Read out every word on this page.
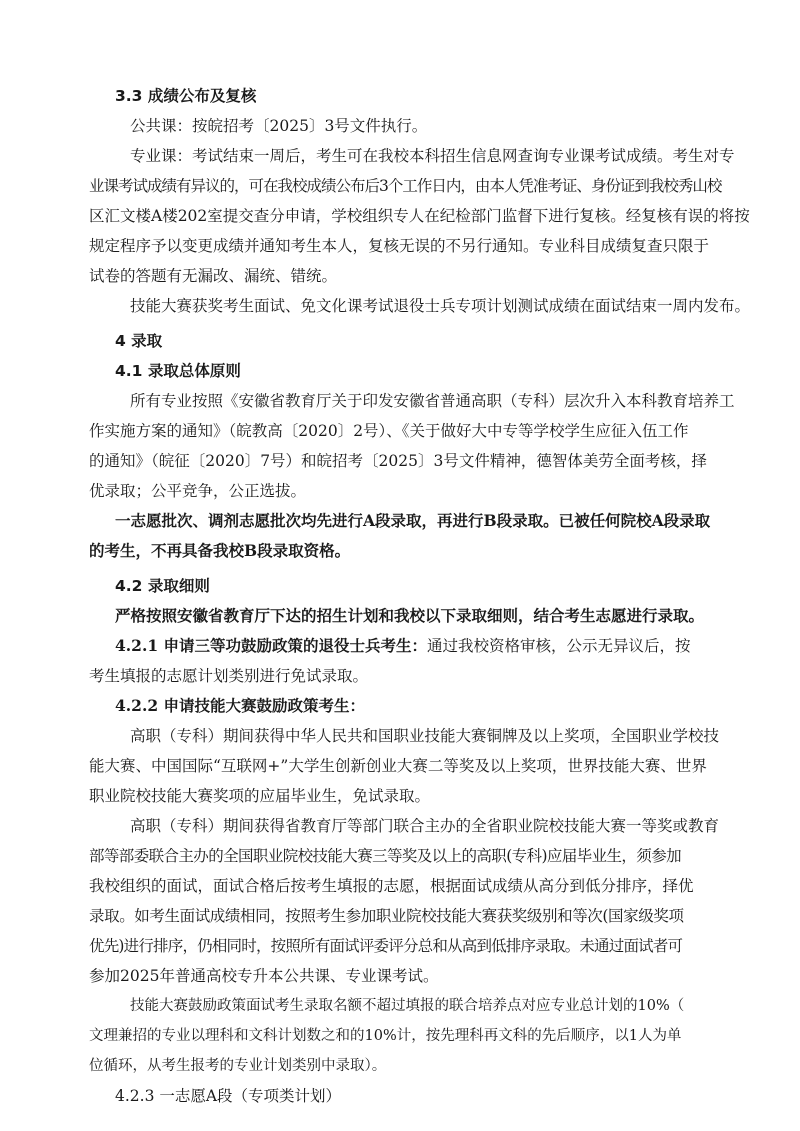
3.3 成绩公布及复核
公共课：按皖招考〔2025〕3号文件执行。
专业课：考试结束一周后，考生可在我校本科招生信息网查询专业课考试成绩。考生对专
业课考试成绩有异议的，可在我校成绩公布后3个工作日内，由本人凭准考证、身份证到我校秀山校
区汇文楼A楼202室提交查分申请，学校组织专人在纪检部门监督下进行复核。经复核有误的将按
规定程序予以变更成绩并通知考生本人，复核无误的不另行通知。专业科目成绩复查只限于
试卷的答题有无漏改、漏统、错统。
技能大赛获奖考生面试、免文化课考试退役士兵专项计划测试成绩在面试结束一周内发布。
4 录取
4.1 录取总体原则
所有专业按照《安徽省教育厅关于印发安徽省普通高职（专科）层次升入本科教育培养工
作实施方案的通知》（皖教高〔2020〕2号）、《关于做好大中专等学校学生应征入伍工作
的通知》（皖征〔2020〕7号）和皖招考〔2025〕3号文件精神，德智体美劳全面考核，择
优录取；公平竞争，公正选拔。
一志愿批次、调剂志愿批次均先进行A段录取，再进行B段录取。已被任何院校A段录取
的考生，不再具备我校B段录取资格。
4.2 录取细则
严格按照安徽省教育厅下达的招生计划和我校以下录取细则，结合考生志愿进行录取。
4.2.1 申请三等功鼓励政策的退役士兵考生：通过我校资格审核，公示无异议后，按
考生填报的志愿计划类别进行免试录取。
4.2.2 申请技能大赛鼓励政策考生：
高职（专科）期间获得中华人民共和国职业技能大赛铜牌及以上奖项，全国职业学校技
能大赛、中国国际“互联网+”大学生创新创业大赛二等奖及以上奖项，世界技能大赛、世界
职业院校技能大赛奖项的应届毕业生，免试录取。
高职（专科）期间获得省教育厅等部门联合主办的全省职业院校技能大赛一等奖或教育
部等部委联合主办的全国职业院校技能大赛三等奖及以上的高职(专科)应届毕业生，须参加
我校组织的面试，面试合格后按考生填报的志愿，根据面试成绩从高分到低分排序，择优
录取。如考生面试成绩相同，按照考生参加职业院校技能大赛获奖级别和等次(国家级奖项
优先)进行排序，仍相同时，按照所有面试评委评分总和从高到低排序录取。未通过面试者可
参加2025年普通高校专升本公共课、专业课考试。
技能大赛鼓励政策面试考生录取名额不超过填报的联合培养点对应专业总计划的10%（
文理兼招的专业以理科和文科计划数之和的10%计，按先理科再文科的先后顺序，以1人为单
位循环，从考生报考的专业计划类别中录取）。
4.2.3 一志愿A段（专项类计划）
